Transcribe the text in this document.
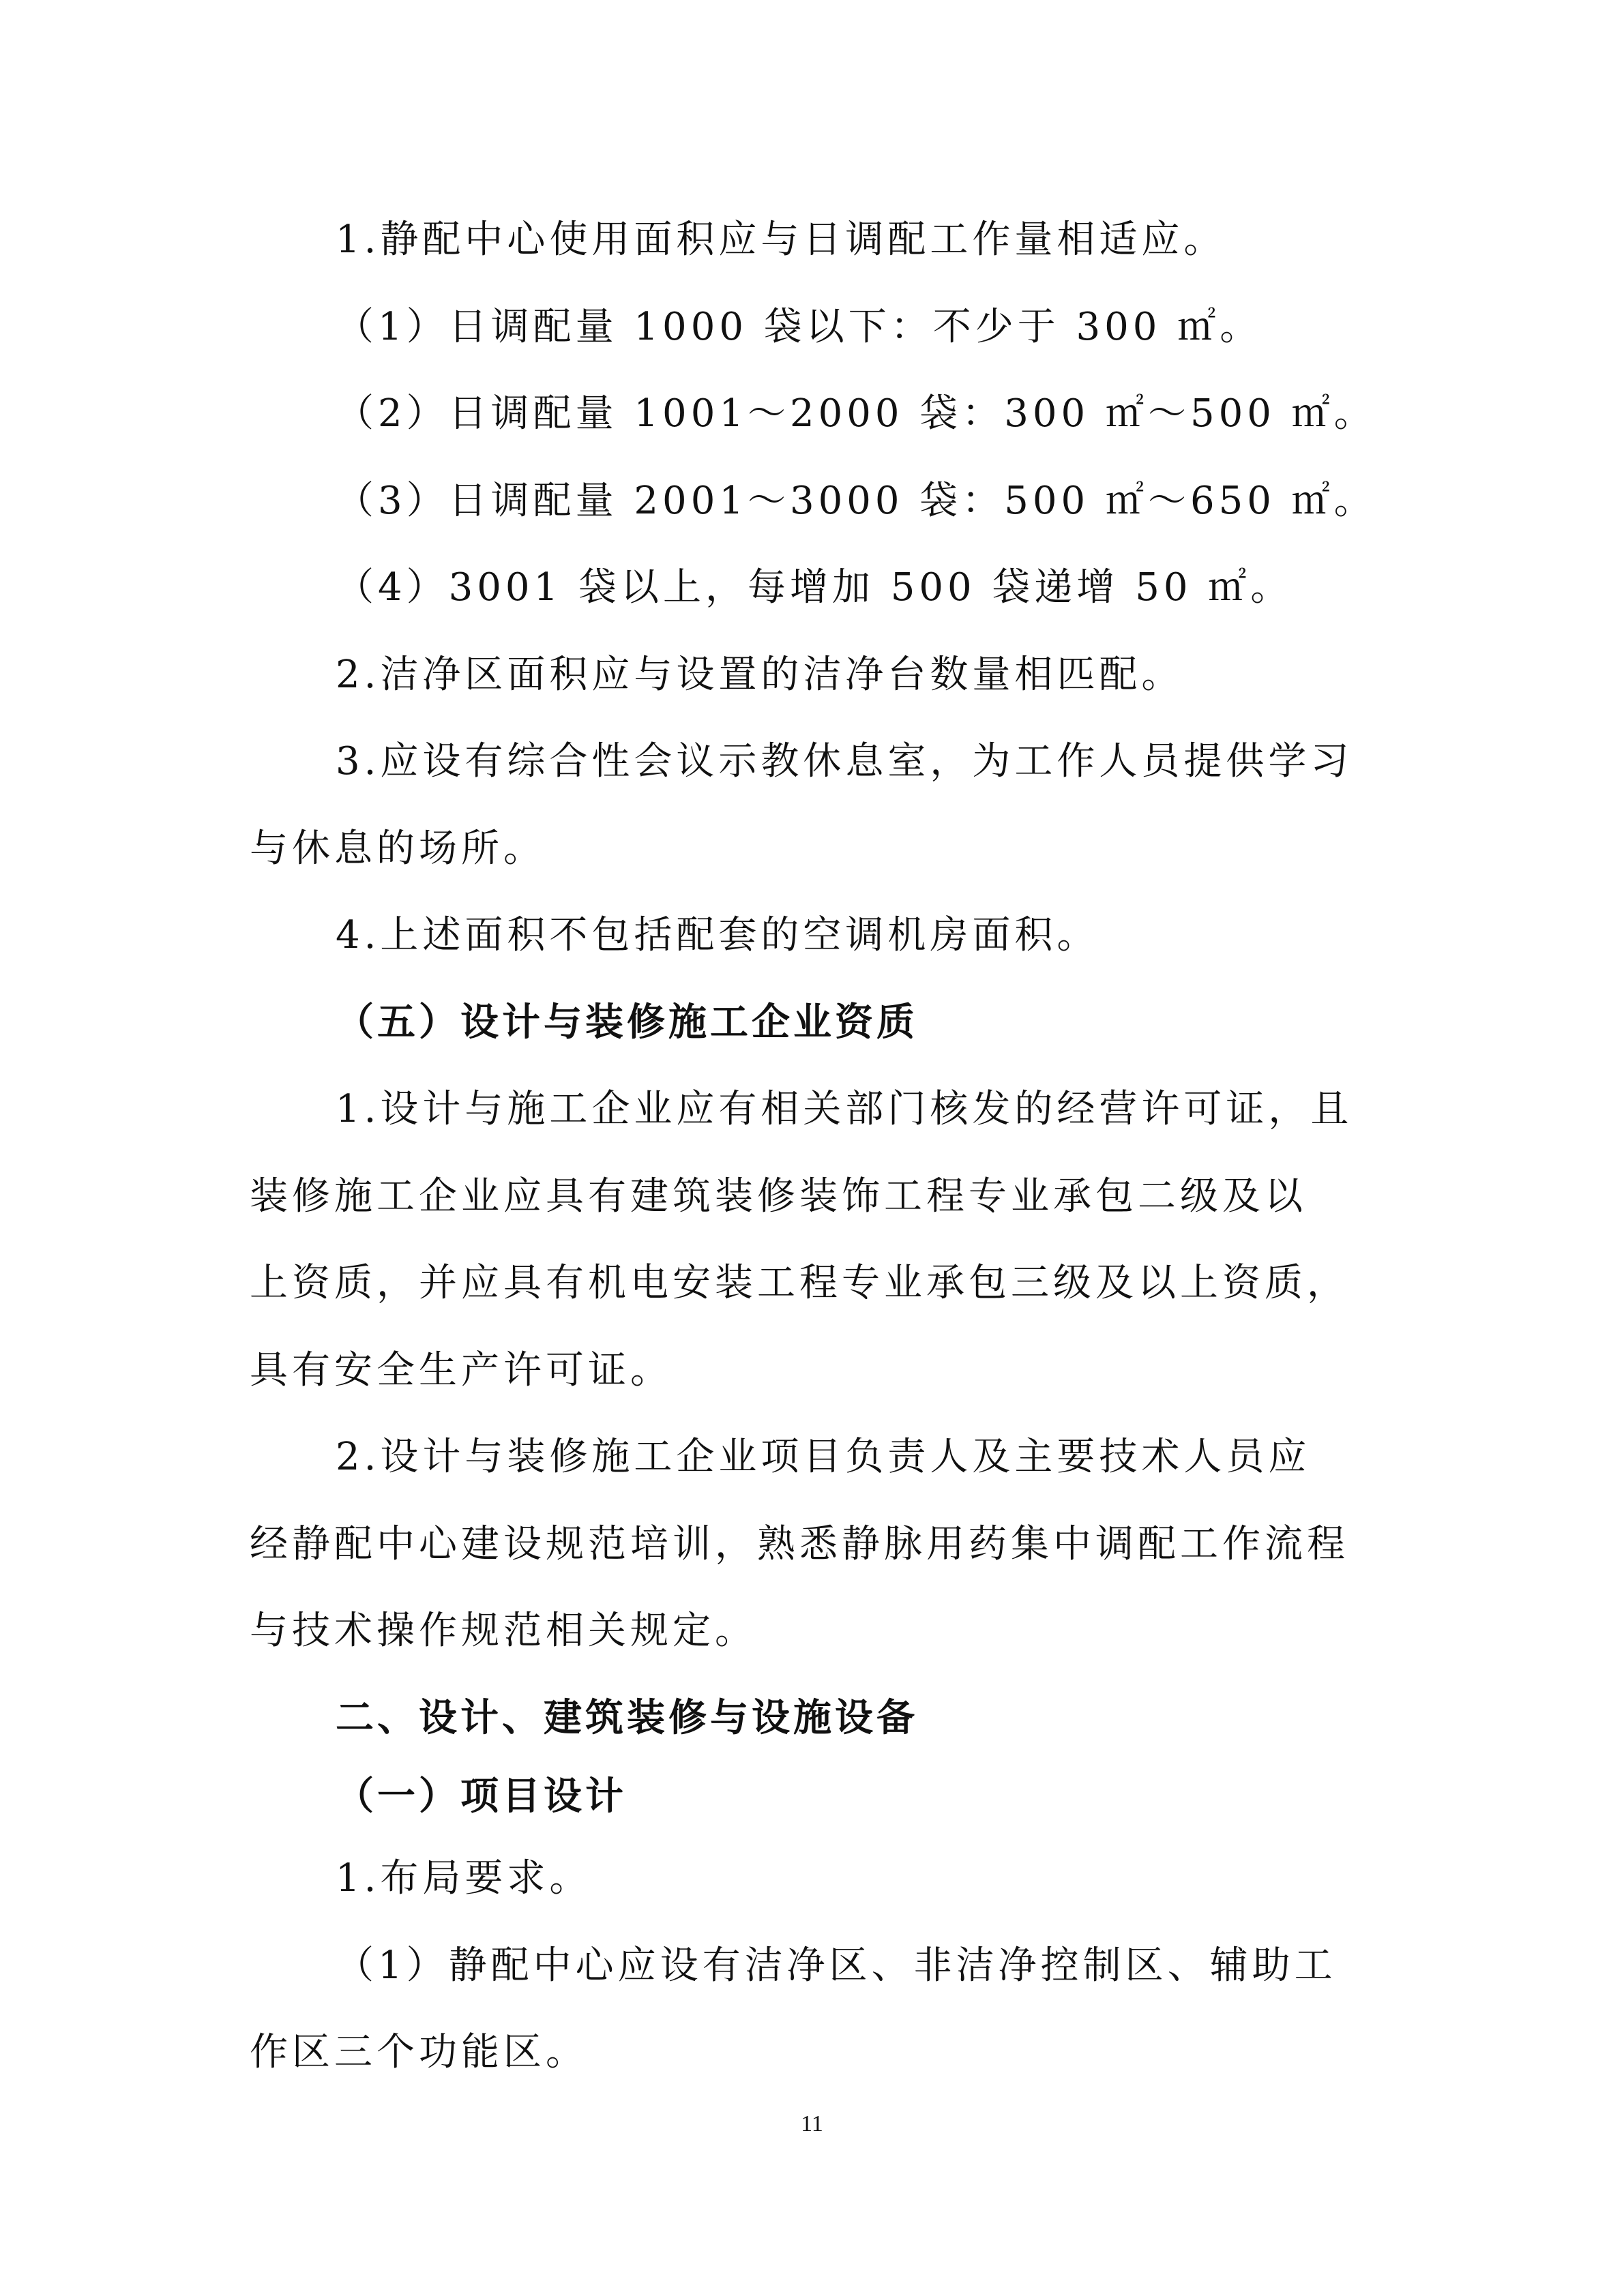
1.静配中心使用面积应与日调配工作量相适应。
（1）日调配量 1000 袋以下：不少于 300 ㎡。
（2）日调配量 1001～2000 袋：300 ㎡～500 ㎡。
（3）日调配量 2001～3000 袋：500 ㎡～650 ㎡。
（4）3001 袋以上，每增加 500 袋递增 50 ㎡。
2.洁净区面积应与设置的洁净台数量相匹配。
3.应设有综合性会议示教休息室，为工作人员提供学习
与休息的场所。
4.上述面积不包括配套的空调机房面积。
（五）设计与装修施工企业资质
1.设计与施工企业应有相关部门核发的经营许可证，且
装修施工企业应具有建筑装修装饰工程专业承包二级及以
上资质，并应具有机电安装工程专业承包三级及以上资质，
具有安全生产许可证。
2.设计与装修施工企业项目负责人及主要技术人员应
经静配中心建设规范培训，熟悉静脉用药集中调配工作流程
与技术操作规范相关规定。
二、设计、建筑装修与设施设备
（一）项目设计
1.布局要求。
（1）静配中心应设有洁净区、非洁净控制区、辅助工
作区三个功能区。
11
